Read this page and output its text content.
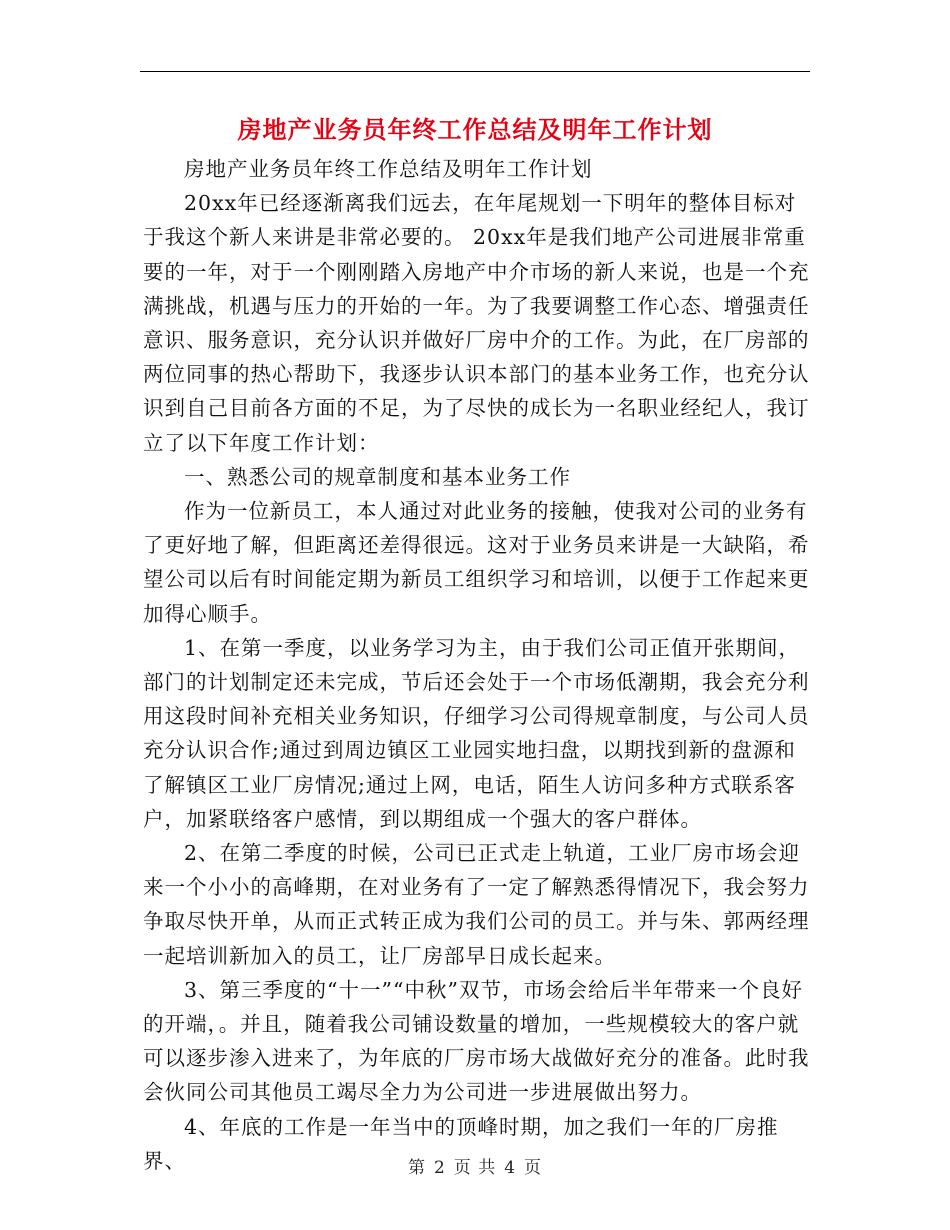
房地产业务员年终工作总结及明年工作计划

房地产业务员年终工作总结及明年工作计划

20xx年已经逐渐离我们远去，在年尾规划一下明年的整体目标对于我这个新人来讲是非常必要的。 20xx年是我们地产公司进展非常重要的一年，对于一个刚刚踏入房地产中介市场的新人来说，也是一个充满挑战，机遇与压力的开始的一年。为了我要调整工作心态、增强责任意识、服务意识，充分认识并做好厂房中介的工作。为此，在厂房部的两位同事的热心帮助下，我逐步认识本部门的基本业务工作，也充分认识到自己目前各方面的不足，为了尽快的成长为一名职业经纪人，我订立了以下年度工作计划：

一、熟悉公司的规章制度和基本业务工作

作为一位新员工，本人通过对此业务的接触，使我对公司的业务有了更好地了解，但距离还差得很远。这对于业务员来讲是一大缺陷，希望公司以后有时间能定期为新员工组织学习和培训，以便于工作起来更加得心顺手。

1、在第一季度，以业务学习为主，由于我们公司正值开张期间，部门的计划制定还未完成，节后还会处于一个市场低潮期，我会充分利用这段时间补充相关业务知识，仔细学习公司得规章制度，与公司人员充分认识合作;通过到周边镇区工业园实地扫盘，以期找到新的盘源和了解镇区工业厂房情况;通过上网，电话，陌生人访问多种方式联系客户，加紧联络客户感情，到以期组成一个强大的客户群体。

2、在第二季度的时候，公司已正式走上轨道，工业厂房市场会迎来一个小小的高峰期，在对业务有了一定了解熟悉得情况下，我会努力争取尽快开单，从而正式转正成为我们公司的员工。并与朱、郭两经理一起培训新加入的员工，让厂房部早日成长起来。

3、第三季度的“十一”“中秋”双节，市场会给后半年带来一个良好的开端，。并且，随着我公司铺设数量的增加，一些规模较大的客户就可以逐步渗入进来了，为年底的厂房市场大战做好充分的准备。此时我会伙同公司其他员工竭尽全力为公司进一步进展做出努力。

4、年底的工作是一年当中的顶峰时期，加之我们一年的厂房推界、	第 2 页 共 4 页
